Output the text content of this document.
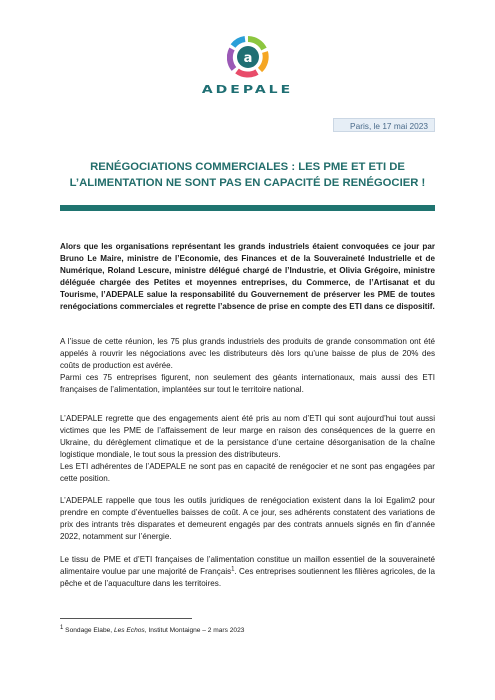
a
ADEPALE
Paris, le 17 mai 2023
RENÉGOCIATIONS COMMERCIALES : LES PME ET ETI DE
L’ALIMENTATION NE SONT PAS EN CAPACITÉ DE RENÉGOCIER !

Alors que les organisations représentant les grands industriels étaient convoquées ce jour par Bruno Le Maire, ministre de l’Economie, des Finances et de la Souveraineté Industrielle et de Numérique, Roland Lescure, ministre délégué chargé de l’Industrie, et Olivia Grégoire, ministre déléguée chargée des Petites et moyennes entreprises, du Commerce, de l’Artisanat et du Tourisme, l’ADEPALE salue la responsabilité du Gouvernement de préserver les PME de toutes renégociations commerciales et regrette l’absence de prise en compte des ETI dans ce dispositif.

A l’issue de cette réunion, les 75 plus grands industriels des produits de grande consommation ont été appelés à rouvrir les négociations avec les distributeurs dès lors qu’une baisse de plus de 20% des coûts de production est avérée.

Parmi ces 75 entreprises figurent, non seulement des géants internationaux, mais aussi des ETI françaises de l’alimentation, implantées sur tout le territoire national.

L’ADEPALE regrette que des engagements aient été pris au nom d’ETI qui sont aujourd’hui tout aussi victimes que les PME de l’affaissement de leur marge en raison des conséquences de la guerre en Ukraine, du dérèglement climatique et de la persistance d’une certaine désorganisation de la chaîne logistique mondiale, le tout sous la pression des distributeurs.

Les ETI adhérentes de l’ADEPALE ne sont pas en capacité de renégocier et ne sont pas engagées par cette position.

L’ADEPALE rappelle que tous les outils juridiques de renégociation existent dans la loi Egalim2 pour prendre en compte d’éventuelles baisses de coût. A ce jour, ses adhérents constatent des variations de prix des intrants très disparates et demeurent engagés par des contrats annuels signés en fin d’année 2022, notamment sur l’énergie.

Le tissu de PME et d’ETI françaises de l’alimentation constitue un maillon essentiel de la souveraineté alimentaire voulue par une majorité de Français$^1$. Ces entreprises soutiennent les filières agricoles, de la pêche et de l’aquaculture dans les territoires.

$^1$ Sondage Elabe, Les Echos, Institut Montaigne – 2 mars 2023
